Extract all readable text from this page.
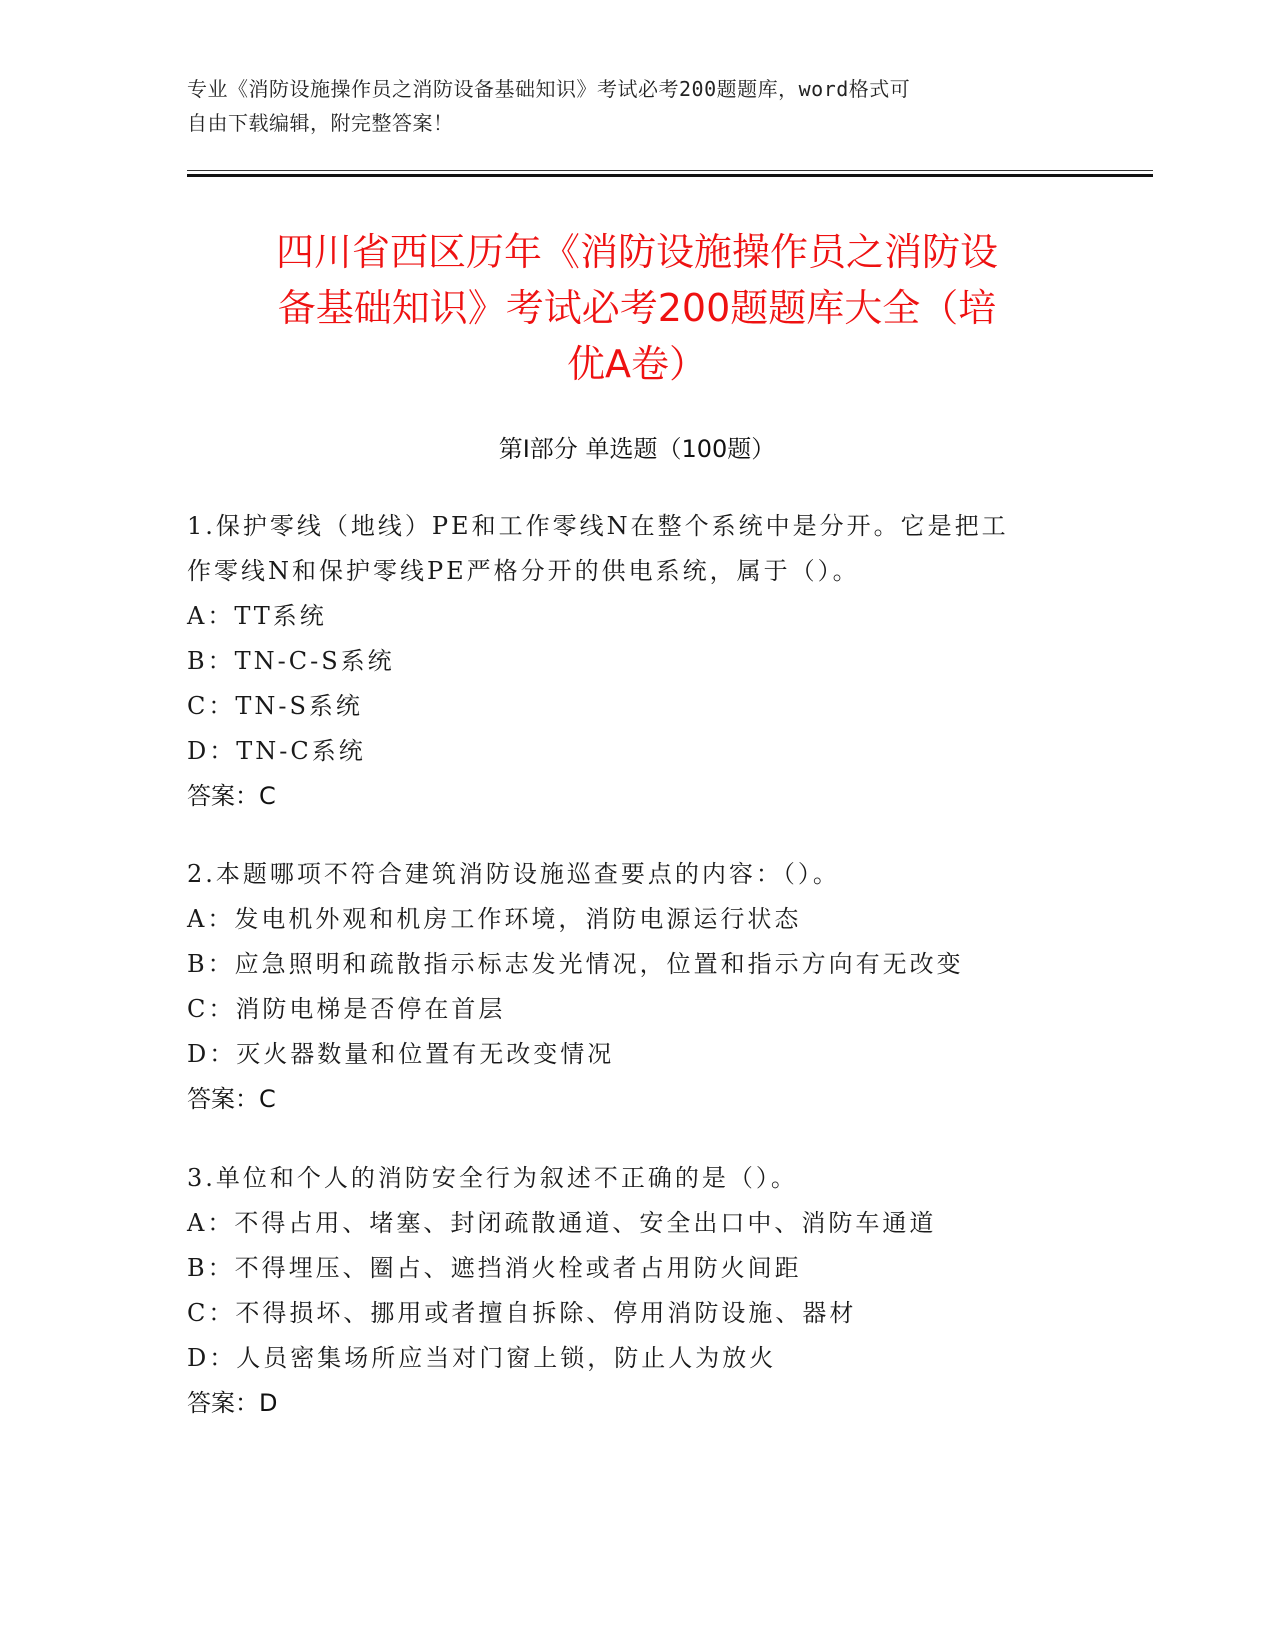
专业《消防设施操作员之消防设备基础知识》考试必考200题题库，word格式可
自由下载编辑，附完整答案！
四川省西区历年《消防设施操作员之消防设
备基础知识》考试必考200题题库大全（培
优A卷）
第Ⅰ部分 单选题（100题）

1.保护零线（地线）PE和工作零线N在整个系统中是分开。它是把工

作零线N和保护零线PE严格分开的供电系统，属于（）。

A：TT系统

B：TN-C-S系统

C：TN-S系统

D：TN-C系统

答案：C

2.本题哪项不符合建筑消防设施巡查要点的内容：（）。

A：发电机外观和机房工作环境，消防电源运行状态

B：应急照明和疏散指示标志发光情况，位置和指示方向有无改变

C：消防电梯是否停在首层

D：灭火器数量和位置有无改变情况

答案：C

3.单位和个人的消防安全行为叙述不正确的是（）。

A：不得占用、堵塞、封闭疏散通道、安全出口中、消防车通道

B：不得埋压、圈占、遮挡消火栓或者占用防火间距

C：不得损坏、挪用或者擅自拆除、停用消防设施、器材

D：人员密集场所应当对门窗上锁，防止人为放火

答案：D
